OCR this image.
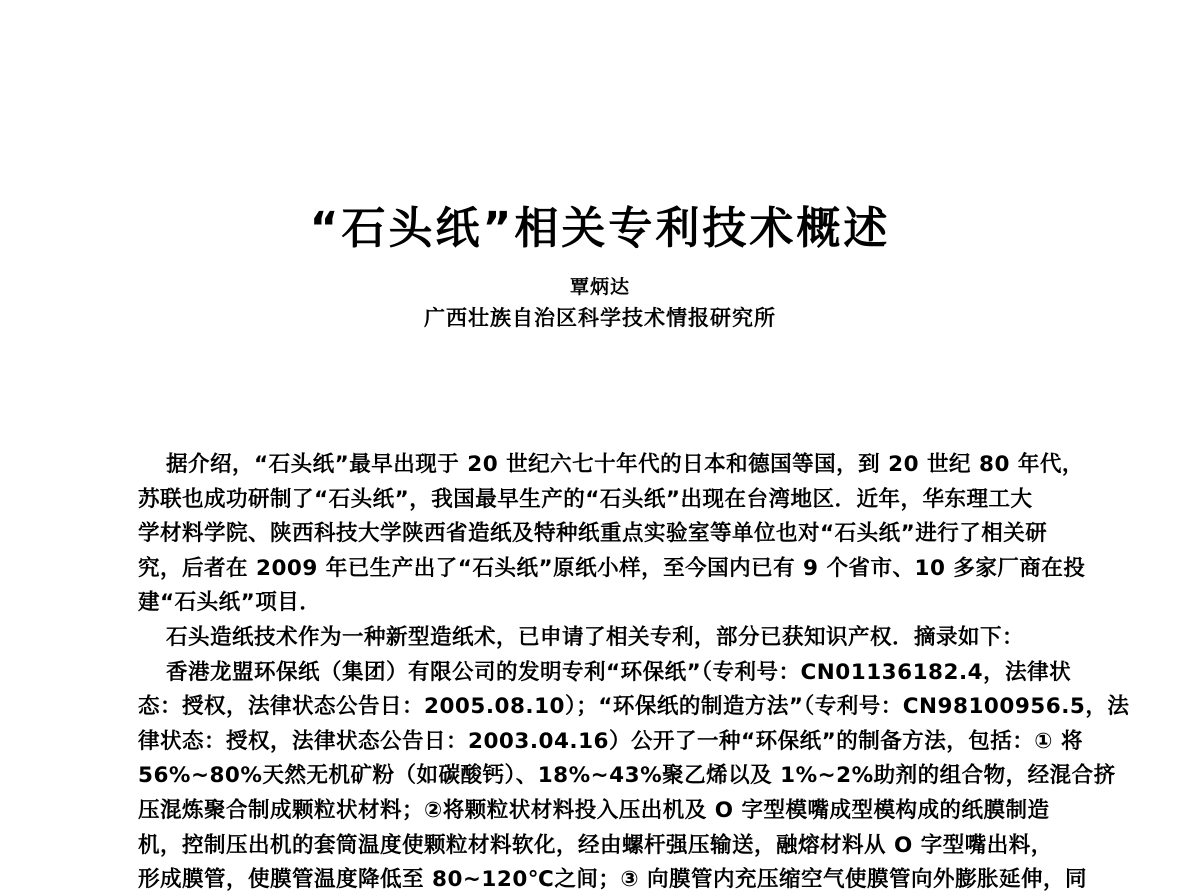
“石头纸”相关专利技术概述
覃炳达
广西壮族自治区科学技术情报研究所
据介绍，“石头纸”最早出现于 20 世纪六七十年代的日本和德国等国，到 20 世纪 80 年代，
苏联也成功研制了“石头纸”，我国最早生产的“石头纸”出现在台湾地区．近年，华东理工大
学材料学院、陕西科技大学陕西省造纸及特种纸重点实验室等单位也对“石头纸”进行了相关研
究，后者在 2009 年已生产出了“石头纸”原纸小样，至今国内已有 9 个省市、10 多家厂商在投
建“石头纸”项目．
石头造纸技术作为一种新型造纸术，已申请了相关专利，部分已获知识产权．摘录如下：
香港龙盟环保纸（集团）有限公司的发明专利“环保纸”（专利号：CN01136182.4，法律状
态：授权，法律状态公告日：2005.08.10）；“环保纸的制造方法”（专利号：CN98100956.5，法
律状态：授权，法律状态公告日：2003.04.16）公开了一种“环保纸”的制备方法，包括：① 将
56%~80%天然无机矿粉（如碳酸钙）、18%~43%聚乙烯以及 1%~2%助剂的组合物，经混合挤
压混炼聚合制成颗粒状材料；②将颗粒状材料投入压出机及 O 字型模嘴成型模构成的纸膜制造
机，控制压出机的套筒温度使颗粒材料软化，经由螺杆强压输送，融熔材料从 O 字型嘴出料，
形成膜管，使膜管温度降低至 80~120℃之间；③ 向膜管内充压缩空气使膜管向外膨胀延伸，同
